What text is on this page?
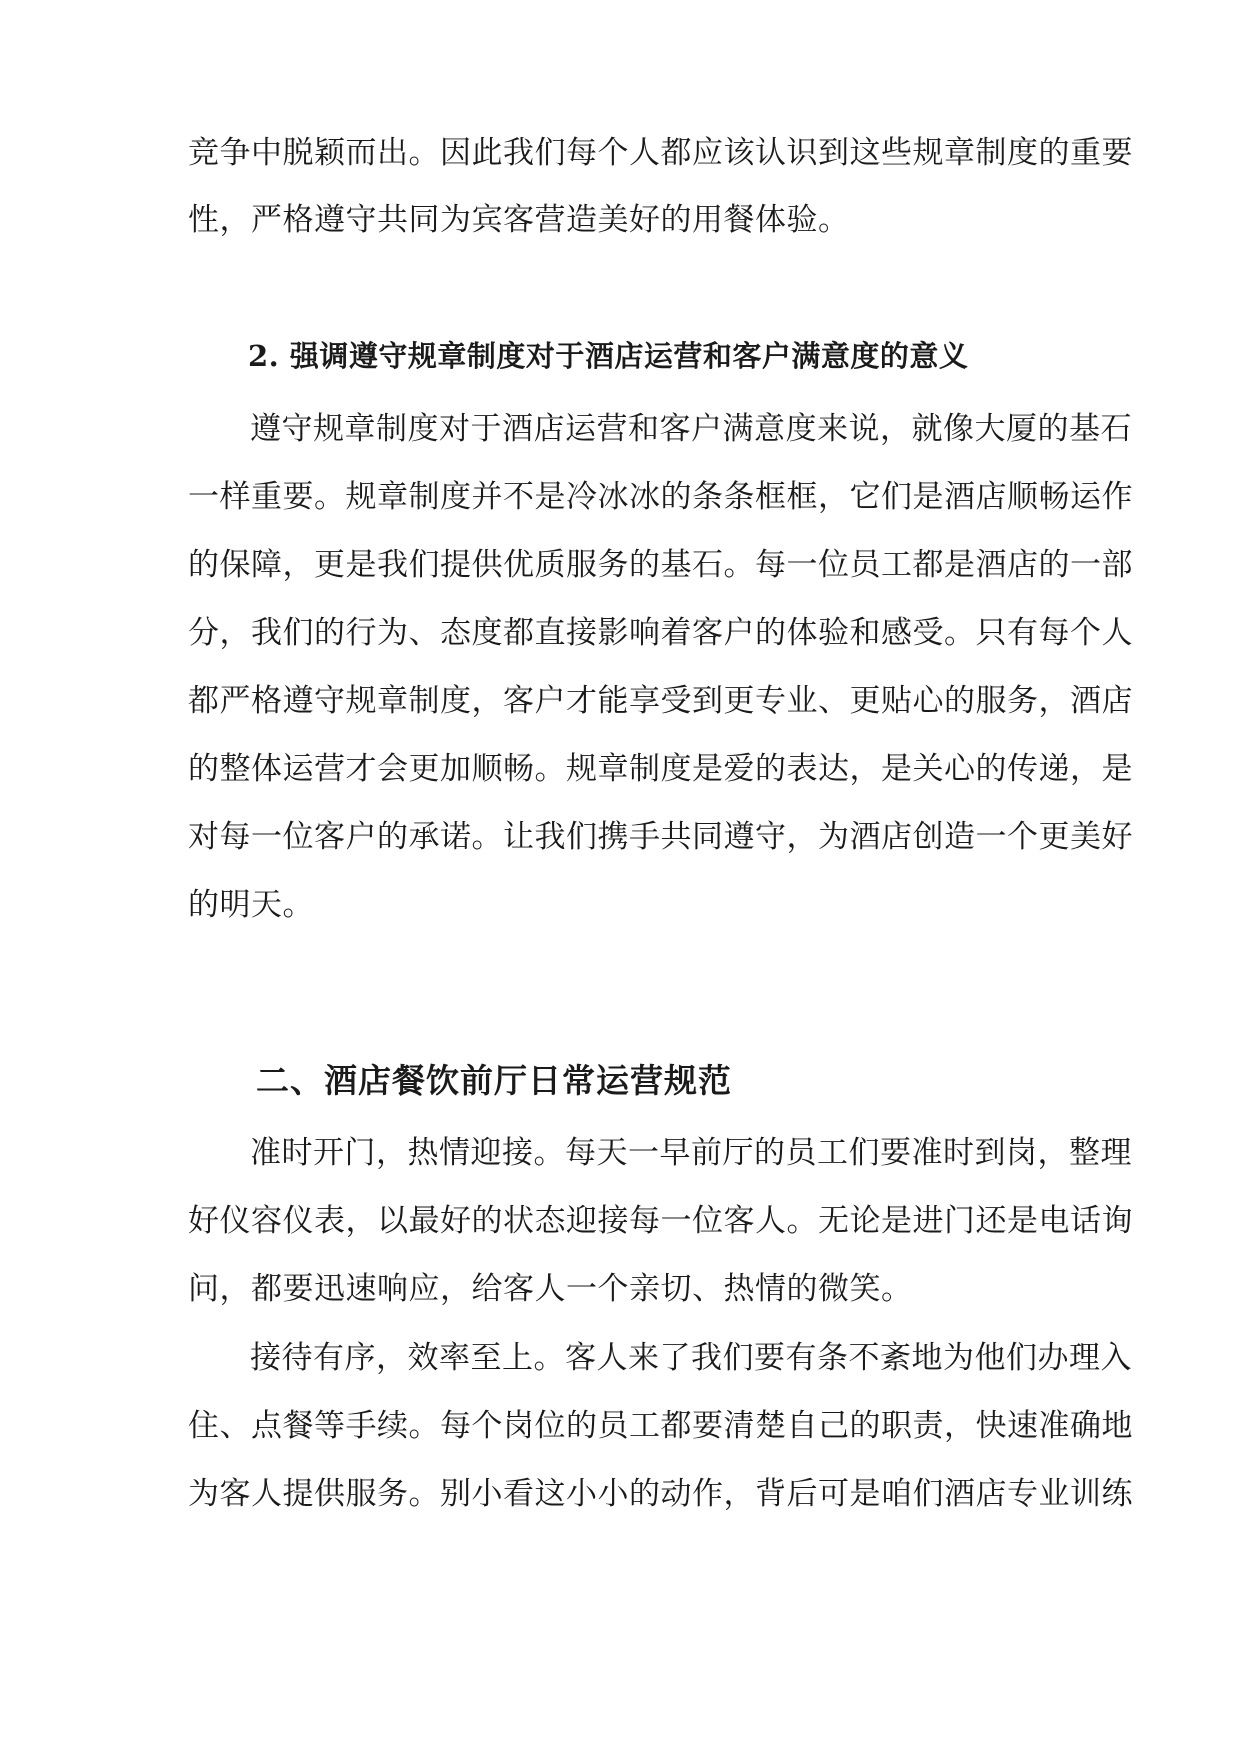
竞争中脱颖而出。因此我们每个人都应该认识到这些规章制度的重要
性，严格遵守共同为宾客营造美好的用餐体验。
2. 强调遵守规章制度对于酒店运营和客户满意度的意义
遵守规章制度对于酒店运营和客户满意度来说，就像大厦的基石
一样重要。规章制度并不是冷冰冰的条条框框，它们是酒店顺畅运作
的保障，更是我们提供优质服务的基石。每一位员工都是酒店的一部
分，我们的行为、态度都直接影响着客户的体验和感受。只有每个人
都严格遵守规章制度，客户才能享受到更专业、更贴心的服务，酒店
的整体运营才会更加顺畅。规章制度是爱的表达，是关心的传递，是
对每一位客户的承诺。让我们携手共同遵守，为酒店创造一个更美好
的明天。
二、酒店餐饮前厅日常运营规范
准时开门，热情迎接。每天一早前厅的员工们要准时到岗，整理
好仪容仪表，以最好的状态迎接每一位客人。无论是进门还是电话询
问，都要迅速响应，给客人一个亲切、热情的微笑。
接待有序，效率至上。客人来了我们要有条不紊地为他们办理入
住、点餐等手续。每个岗位的员工都要清楚自己的职责，快速准确地
为客人提供服务。别小看这小小的动作，背后可是咱们酒店专业训练
